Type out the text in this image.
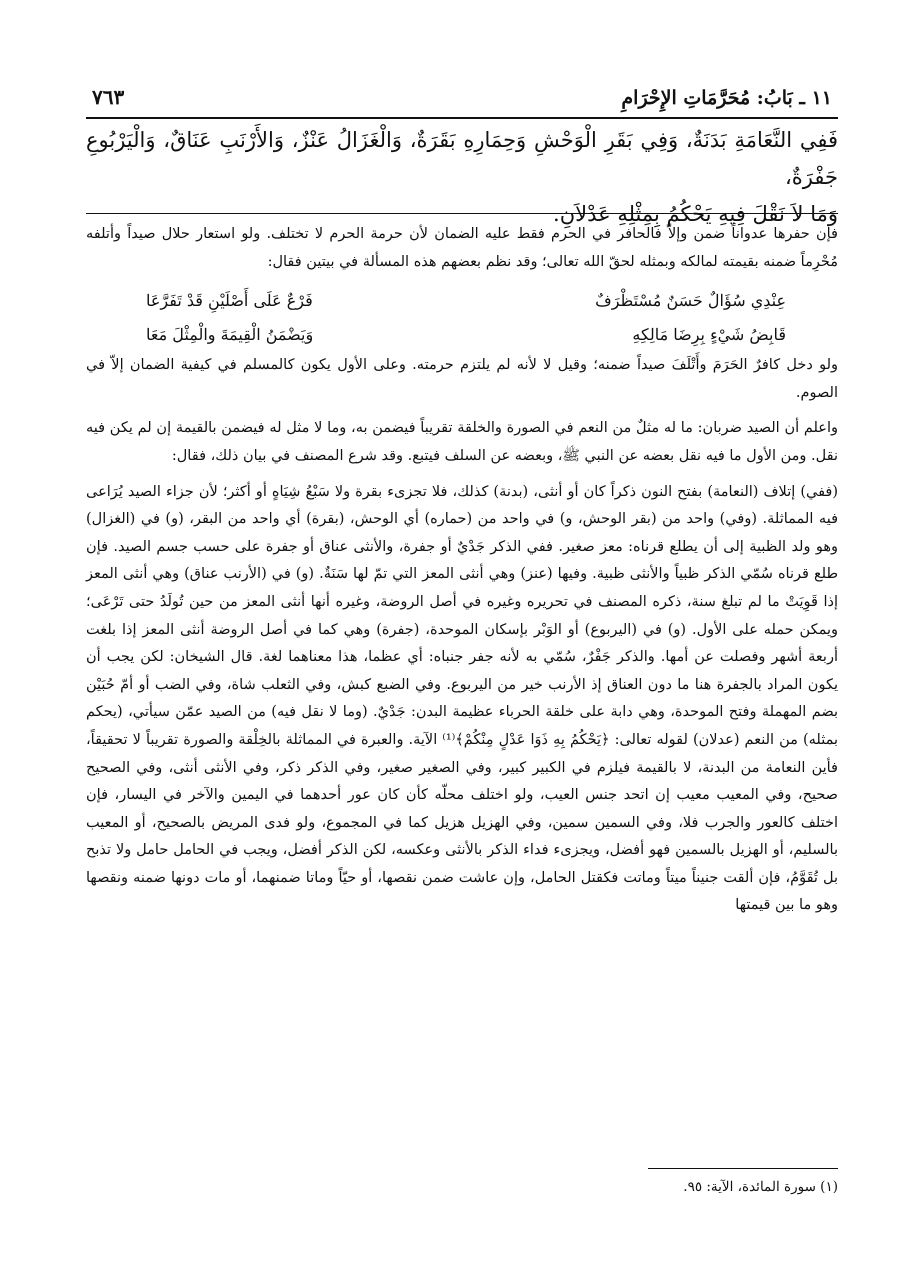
١١ ـ بَابُ: مُحَرَّمَاتِ الإِحْرَامِ
٧٦٣

فَفِي النَّعَامَةِ بَدَنَةٌ، وَفِي بَقَرِ الْوَحْشِ وَحِمَارِهِ بَقَرَةٌ، وَالْغَزَالُ عَنْزٌ، وَالأَرْنَبِ عَنَاقٌ، وَالْيَرْبُوعِ جَفْرَةٌ،

وَمَا لاَ نَقْلَ فِيهِ يَحْكُمُ بِمِثْلِهِ عَدْلاَنِ.

فإن حفرها عدواناً ضمن وإلاّ فالحافر في الحرم فقط عليه الضمان لأن حرمة الحرم لا تختلف. ولو استعار حلال صيداً وأتلفه مُحْرِماً ضمنه بقيمته لمالكه وبمثله لحقّ الله تعالى؛ وقد نظم بعضهم هذه المسألة في بيتين فقال:

عِنْدِي سُؤَالٌ حَسَنٌ مُسْتَظْرَفٌ
فَرْعٌ عَلَى أَصْلَيْنِ قَدْ تَفَرَّعَا
قَابِضُ شَيْءٍ بِرِضَا مَالِكِهِ
وَيَضْمَنُ الْقِيمَةَ والْمِثْلَ مَعَا

ولو دخل كافرٌ الحَرَمَ وأَتْلَفَ صيداً ضمنه؛ وقيل لا لأنه لم يلتزم حرمته. وعلى الأول يكون كالمسلم في كيفية الضمان إلاّ في الصوم.

واعلم أن الصيد ضربان: ما له مثلٌ من النعم في الصورة والخلقة تقريباً فيضمن به، وما لا مثل له فيضمن بالقيمة إن لم يكن فيه نقل. ومن الأول ما فيه نقل بعضه عن النبي ﷺ، وبعضه عن السلف فيتبع. وقد شرع المصنف في بيان ذلك، فقال:

(ففي) إتلاف (النعامة) بفتح النون ذكراً كان أو أنثى، (بدنة) كذلك، فلا تجزىء بقرة ولا سَبْعُ شِيَاهٍ أو أكثر؛ لأن جزاء الصيد يُرَاعى فيه المماثلة. (وفي) واحد من (بقر الوحش، و) في واحد من (حماره) أي الوحش، (بقرة) أي واحد من البقر، (و) في (الغزال) وهو ولد الظبية إلى أن يطلع قرناه: معز صغير. ففي الذكر جَدْيٌ أو جفرة، والأنثى عناق أو جفرة على حسب جسم الصيد. فإن طلع قرناه سُمّي الذكر ظبياً والأنثى ظبية. وفيها (عنز) وهي أنثى المعز التي تمّ لها سَنَةٌ. (و) في (الأرنب عناق) وهي أنثى المعز إذا قَوِيَتْ ما لم تبلغ سنة، ذكره المصنف في تحريره وغيره في أصل الروضة، وغيره أنها أنثى المعز من حين تُولَدُ حتى تَرْعَى؛ ويمكن حمله على الأول. (و) في (اليربوع) أو الوَبْر بإسكان الموحدة، (جفرة) وهي كما في أصل الروضة أنثى المعز إذا بلغت أربعة أشهر وفصلت عن أمها. والذكر جَفْرٌ، سُمّي به لأنه جفر جنباه: أي عظما، هذا معناهما لغة. قال الشيخان: لكن يجب أن يكون المراد بالجفرة هنا ما دون العناق إذ الأرنب خير من اليربوع. وفي الضبع كبش، وفي الثعلب شاة، وفي الضب أو أمّ حُبَيْن بضم المهملة وفتح الموحدة، وهي دابة على خلقة الحرباء عظيمة البدن: جَدْيٌ. (وما لا نقل فيه) من الصيد عمّن سيأتي، (يحكم بمثله) من النعم (عدلان) لقوله تعالى: ﴿يَحْكُمُ بِهِ ذَوَا عَدْلٍ مِنْكُمْ﴾⁽¹⁾ الآية. والعبرة في المماثلة بالخِلْقة والصورة تقريباً لا تحقيقاً، فأين النعامة من البدنة، لا بالقيمة فيلزم في الكبير كبير، وفي الصغير صغير، وفي الذكر ذكر، وفي الأنثى أنثى، وفي الصحيح صحيح، وفي المعيب معيب إن اتحد جنس العيب، ولو اختلف محلّه كأن كان عور أحدهما في اليمين والآخر في اليسار، فإن اختلف كالعور والجرب فلا، وفي السمين سمين، وفي الهزيل هزيل كما في المجموع، ولو فدى المريض بالصحيح، أو المعيب بالسليم، أو الهزيل بالسمين فهو أفضل، ويجزىء فداء الذكر بالأنثى وعكسه، لكن الذكر أفضل، ويجب في الحامل حامل ولا تذبح بل تُقَوَّمُ، فإن ألقت جنيناً ميتاً وماتت فكقتل الحامل، وإن عاشت ضمن نقصها، أو حيّاً وماتا ضمنهما، أو مات دونها ضمنه ونقصها وهو ما بين قيمتها

(١) سورة المائدة، الآية: ٩٥.
